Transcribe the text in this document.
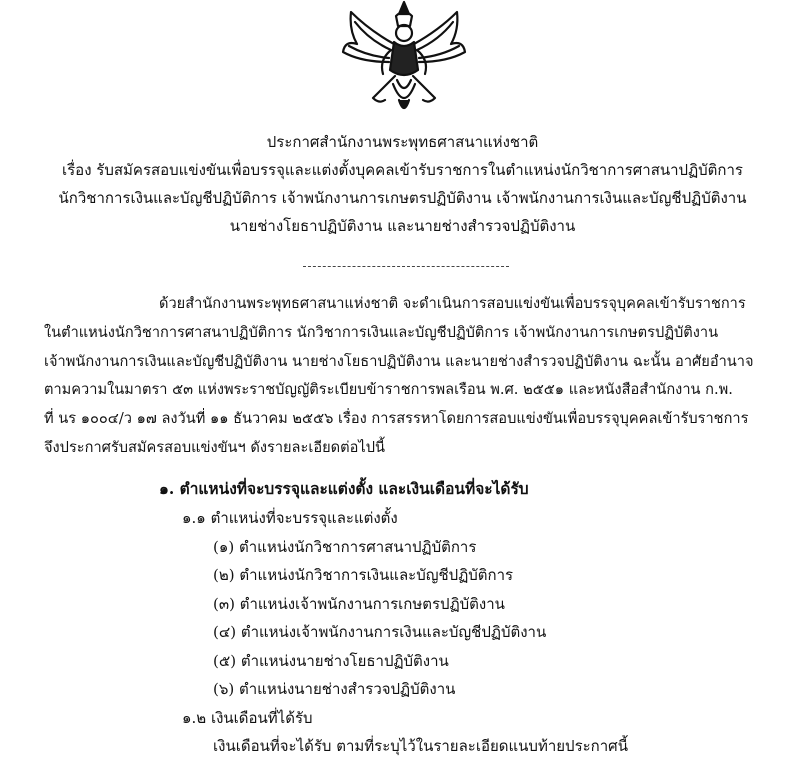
ประกาศสำนักงานพระพุทธศาสนาแห่งชาติ
เรื่อง รับสมัครสอบแข่งขันเพื่อบรรจุและแต่งตั้งบุคคลเข้ารับราชการในตำแหน่งนักวิชาการศาสนาปฏิบัติการ
นักวิชาการเงินและบัญชีปฏิบัติการ เจ้าพนักงานการเกษตรปฏิบัติงาน เจ้าพนักงานการเงินและบัญชีปฏิบัติงาน
นายช่างโยธาปฏิบัติงาน และนายช่างสำรวจปฏิบัติงาน
ด้วยสำนักงานพระพุทธศาสนาแห่งชาติ จะดำเนินการสอบแข่งขันเพื่อบรรจุบุคคลเข้ารับราชการ
ในตำแหน่งนักวิชาการศาสนาปฏิบัติการ นักวิชาการเงินและบัญชีปฏิบัติการ เจ้าพนักงานการเกษตรปฏิบัติงาน
เจ้าพนักงานการเงินและบัญชีปฏิบัติงาน นายช่างโยธาปฏิบัติงาน และนายช่างสำรวจปฏิบัติงาน ฉะนั้น อาศัยอำนาจ
ตามความในมาตรา ๕๓ แห่งพระราชบัญญัติระเบียบข้าราชการพลเรือน พ.ศ. ๒๕๕๑ และหนังสือสำนักงาน ก.พ.
ที่ นร ๑๐๐๔/ว ๑๗ ลงวันที่ ๑๑ ธันวาคม ๒๕๕๖ เรื่อง การสรรหาโดยการสอบแข่งขันเพื่อบรรจุบุคคลเข้ารับราชการ
จึงประกาศรับสมัครสอบแข่งขันฯ ดังรายละเอียดต่อไปนี้
๑. ตำแหน่งที่จะบรรจุและแต่งตั้ง และเงินเดือนที่จะได้รับ
๑.๑ ตำแหน่งที่จะบรรจุและแต่งตั้ง
(๑) ตำแหน่งนักวิชาการศาสนาปฏิบัติการ
(๒) ตำแหน่งนักวิชาการเงินและบัญชีปฏิบัติการ
(๓) ตำแหน่งเจ้าพนักงานการเกษตรปฏิบัติงาน
(๔) ตำแหน่งเจ้าพนักงานการเงินและบัญชีปฏิบัติงาน
(๕) ตำแหน่งนายช่างโยธาปฏิบัติงาน
(๖) ตำแหน่งนายช่างสำรวจปฏิบัติงาน
๑.๒ เงินเดือนที่ได้รับ
เงินเดือนที่จะได้รับ ตามที่ระบุไว้ในรายละเอียดแนบท้ายประกาศนี้
